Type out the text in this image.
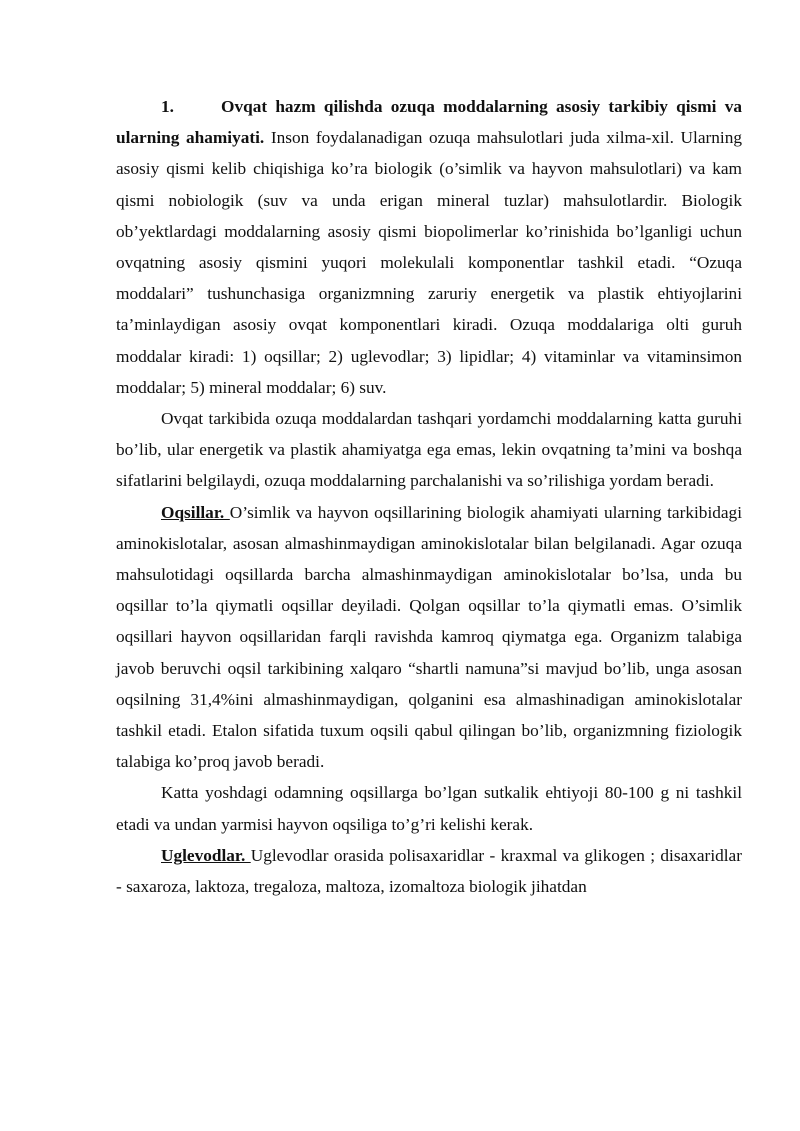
1.	Ovqat hazm qilishda ozuqa moddalarning asosiy tarkibiy qismi va ularning ahamiyati. Inson foydalanadigan ozuqa mahsulotlari juda xilma-xil. Ularning asosiy qismi kelib chiqishiga ko’ra biologik (o’simlik va hayvon mahsulotlari) va kam qismi nobiologik (suv va unda erigan mineral tuzlar) mahsulotlardir. Biologik ob’yektlardagi moddalarning asosiy qismi biopolimerlar ko’rinishida bo’lganligi uchun ovqatning asosiy qismini yuqori molekulali komponentlar tashkil etadi. “Ozuqa moddalari” tushunchasiga organizmning zaruriy energetik va plastik ehtiyojlarini ta’minlaydigan asosiy ovqat komponentlari kiradi. Ozuqa moddalariga olti guruh moddalar kiradi: 1) oqsillar; 2) uglevodlar; 3) lipidlar; 4) vitaminlar va vitaminsimon moddalar; 5) mineral moddalar; 6) suv.

Ovqat tarkibida ozuqa moddalardan tashqari yordamchi moddalarning katta guruhi bo’lib, ular energetik va plastik ahamiyatga ega emas, lekin ovqatning ta’mini va boshqa sifatlarini belgilaydi, ozuqa moddalarning parchalanishi va so’rilishiga yordam beradi.

Oqsillar. O’simlik va hayvon oqsillarining biologik ahamiyati ularning tarkibidagi aminokislotalar, asosan almashinmaydigan aminokislotalar bilan belgilanadi. Agar ozuqa mahsulotidagi oqsillarda barcha almashinmaydigan aminokislotalar bo’lsa, unda bu oqsillar to’la qiymatli oqsillar deyiladi. Qolgan oqsillar to’la qiymatli emas. O’simlik oqsillari hayvon oqsillaridan farqli ravishda kamroq qiymatga ega. Organizm talabiga javob beruvchi oqsil tarkibining xalqaro “shartli namuna”si mavjud bo’lib, unga asosan oqsilning 31,4%ini almashinmaydigan, qolganini esa almashinadigan aminokislotalar tashkil etadi. Etalon sifatida tuxum oqsili qabul qilingan bo’lib, organizmning fiziologik talabiga ko’proq javob beradi.

Katta yoshdagi odamning oqsillarga bo’lgan sutkalik ehtiyoji 80-100 g ni tashkil etadi va undan yarmisi hayvon oqsiliga to’g’ri kelishi kerak.

Uglevodlar. Uglevodlar orasida polisaxaridlar - kraxmal va glikogen ; disaxaridlar - saxaroza, laktoza, tregaloza, maltoza, izomaltoza biologik jihatdan
